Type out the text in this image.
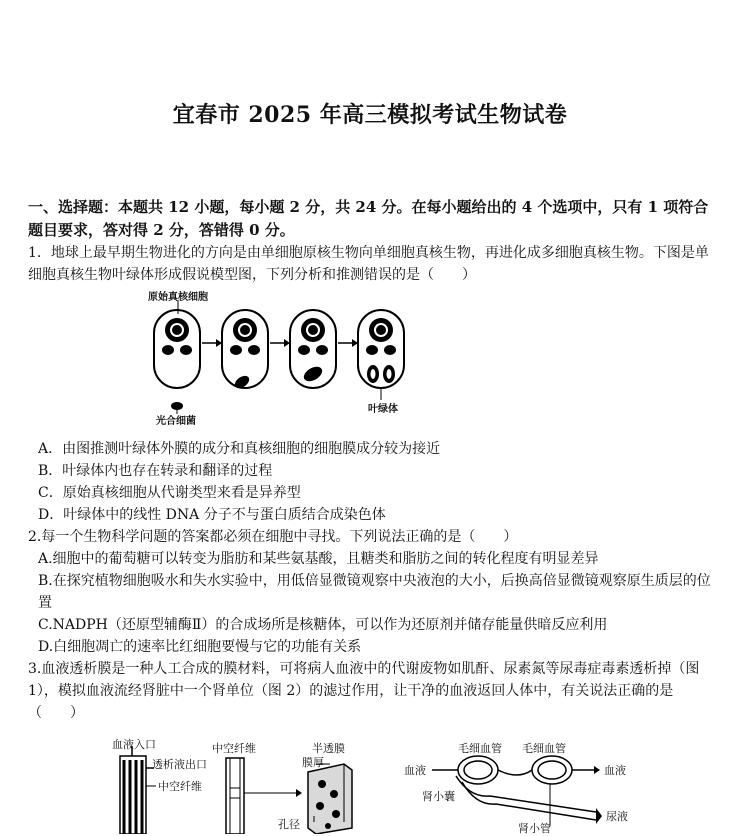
宜春市 2025 年高三模拟考试生物试卷
一、选择题：本题共 12 小题，每小题 2 分，共 24 分。在每小题给出的 4 个选项中，只有 1 项符合题目要求，答对得 2 分，答错得 0 分。
1．地球上最早期生物进化的方向是由单细胞原核生物向单细胞真核生物，再进化成多细胞真核生物。下图是单细胞真核生物叶绿体形成假说模型图，下列分析和推测错误的是（　　）
原始真核细胞
光合细菌
叶绿体
A．由图推测叶绿体外膜的成分和真核细胞的细胞膜成分较为接近
B．叶绿体内也存在转录和翻译的过程
C．原始真核细胞从代谢类型来看是异养型
D．叶绿体中的线性 DNA 分子不与蛋白质结合成染色体
2.每一个生物科学问题的答案都必须在细胞中寻找。下列说法正确的是（　　）
A.细胞中的葡萄糖可以转变为脂肪和某些氨基酸，且糖类和脂肪之间的转化程度有明显差异
B.在探究植物细胞吸水和失水实验中，用低倍显微镜观察中央液泡的大小，后换高倍显微镜观察原生质层的位置
C.NADPH（还原型辅酶Ⅱ）的合成场所是核糖体，可以作为还原剂并储存能量供暗反应利用
D.白细胞凋亡的速率比红细胞要慢与它的功能有关系
3.血液透析膜是一种人工合成的膜材料，可将病人血液中的代谢废物如肌酐、尿素氮等尿毒症毒素透析掉（图 1），模拟血液流经肾脏中一个肾单位（图 2）的滤过作用，让干净的血液返回人体中，有关说法正确的是（　　）
血液入口
透析液出口
中空纤维
中空纤维	半透膜
膜厚
孔径
毛细血管 毛细血管
血液	血液
肾小囊
尿液
肾小管
